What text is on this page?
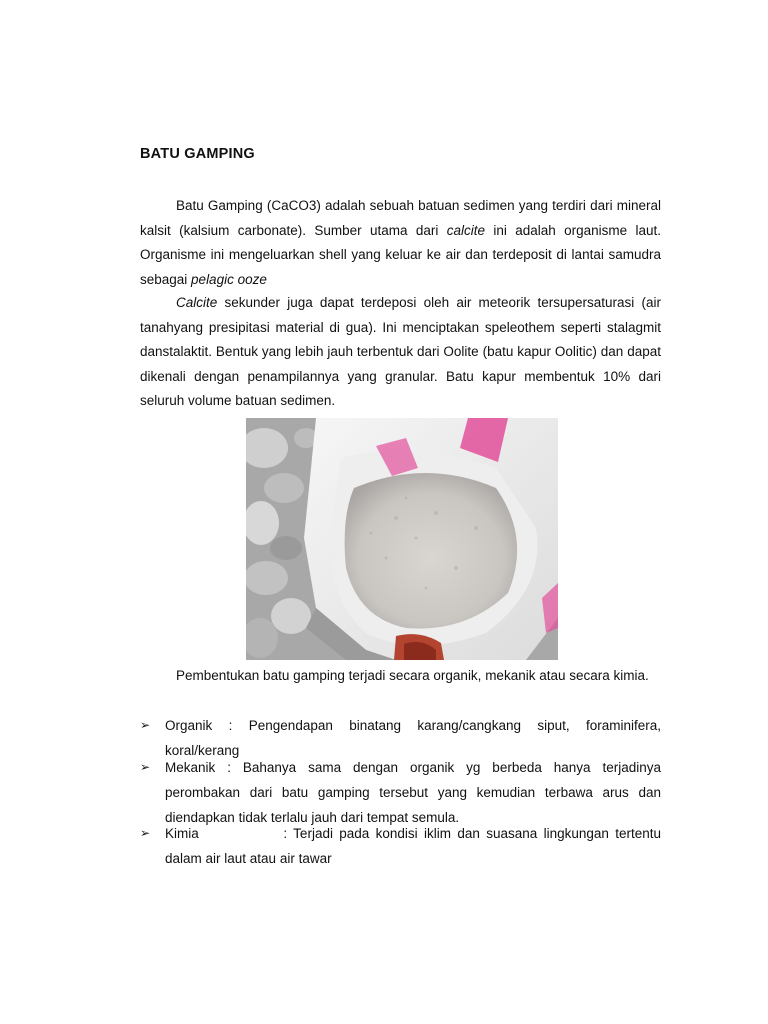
BATU GAMPING

Batu Gamping (CaCO3) adalah sebuah batuan sedimen yang terdiri dari mineral kalsit (kalsium carbonate). Sumber utama dari calcite ini adalah organisme laut. Organisme ini mengeluarkan shell yang keluar ke air dan terdeposit di lantai samudra sebagai pelagic ooze

Calcite sekunder juga dapat terdeposi oleh air meteorik tersupersaturasi (air tanahyang presipitasi material di gua). Ini menciptakan speleothem seperti stalagmit danstalaktit. Bentuk yang lebih jauh terbentuk dari Oolite (batu kapur Oolitic) dan dapat dikenali dengan penampilannya yang granular. Batu kapur membentuk 10% dari seluruh volume batuan sedimen.

Pembentukan batu gamping terjadi secara organik, mekanik atau secara kimia.

➢ Organik : Pengendapan binatang karang/cangkang siput, foraminifera, koral/kerang
➢ Mekanik : Bahanya sama dengan organik yg berbeda hanya terjadinya perombakan dari batu gamping tersebut yang kemudian terbawa arus dan diendapkan tidak terlalu jauh dari tempat semula.
➢ Kimia	: Terjadi pada kondisi iklim dan suasana lingkungan tertentu dalam air laut atau air tawar
